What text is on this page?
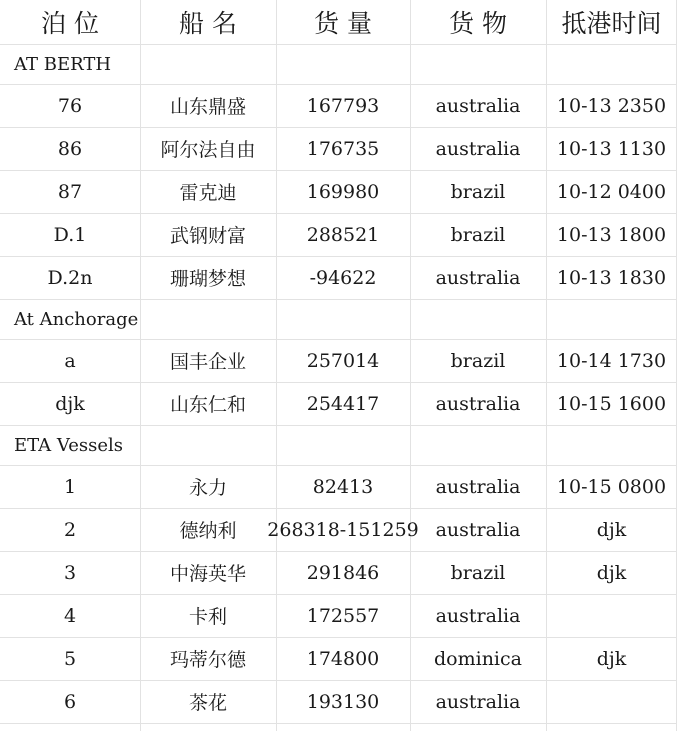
泊 位	船 名	货 量	货 物	抵港时间
AT BERTH
76	山东鼎盛	167793	australia	10-13 2350
86	阿尔法自由	176735	australia	10-13 1130
87	雷克迪	169980	brazil	10-12 0400
D.1	武钢财富	288521	brazil	10-13 1800
D.2n	珊瑚梦想	-94622	australia	10-13 1830
At Anchorage
a	国丰企业	257014	brazil	10-14 1730
djk	山东仁和	254417	australia	10-15 1600
ETA Vessels
1	永力	82413	australia	10-15 0800
2	德纳利	268318-151259 australia	djk
3	中海英华	291846	brazil	djk
4	卡利	172557	australia
5	玛蒂尔德	174800	dominica	djk
6	茶花	193130	australia
